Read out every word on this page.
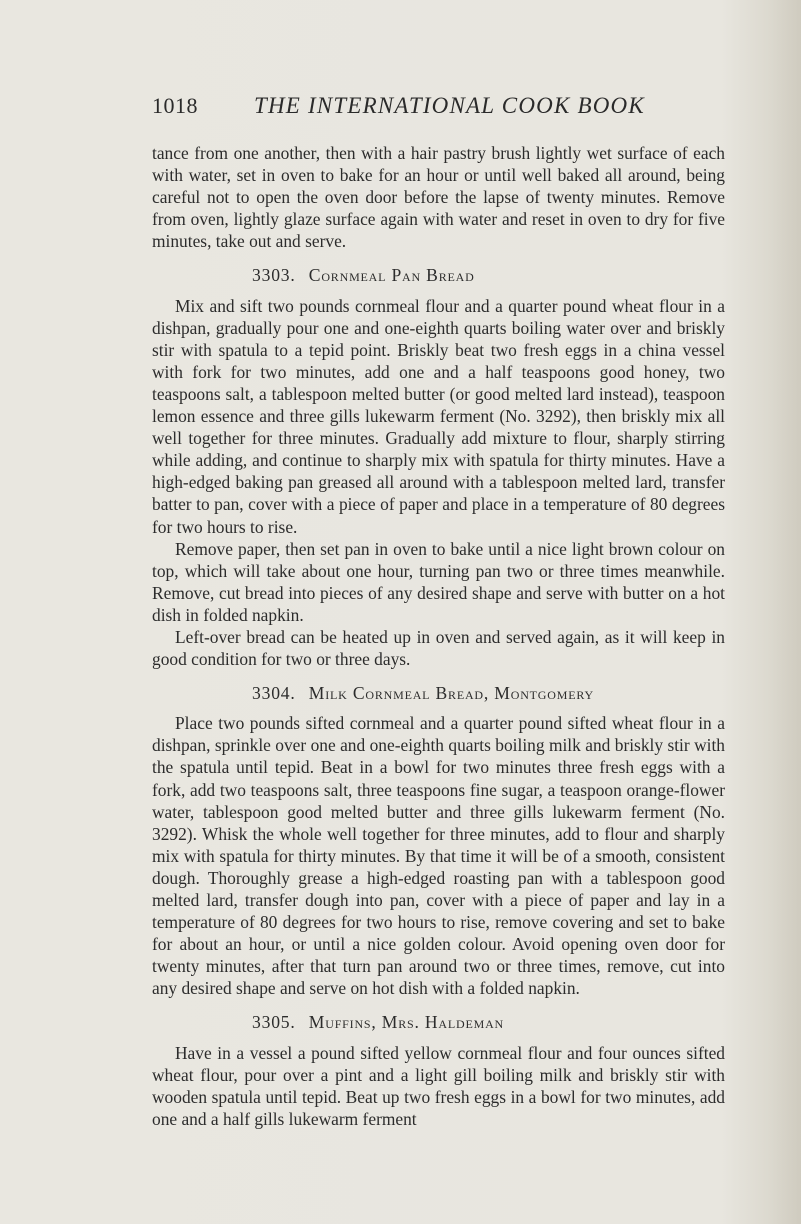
1018 THE INTERNATIONAL COOK BOOK

tance from one another, then with a hair pastry brush lightly wet surface of each with water, set in oven to bake for an hour or until well baked all around, being careful not to open the oven door before the lapse of twenty minutes. Remove from oven, lightly glaze surface again with water and reset in oven to dry for five minutes, take out and serve.

3303. Cornmeal Pan Bread

Mix and sift two pounds cornmeal flour and a quarter pound wheat flour in a dishpan, gradually pour one and one-eighth quarts boiling water over and briskly stir with spatula to a tepid point. Briskly beat two fresh eggs in a china vessel with fork for two minutes, add one and a half teaspoons good honey, two teaspoons salt, a tablespoon melted butter (or good melted lard instead), teaspoon lemon essence and three gills lukewarm ferment (No. 3292), then briskly mix all well together for three minutes. Gradually add mixture to flour, sharply stirring while adding, and continue to sharply mix with spatula for thirty minutes. Have a high-edged baking pan greased all around with a tablespoon melted lard, transfer batter to pan, cover with a piece of paper and place in a temperature of 80 degrees for two hours to rise.

Remove paper, then set pan in oven to bake until a nice light brown colour on top, which will take about one hour, turning pan two or three times meanwhile. Remove, cut bread into pieces of any desired shape and serve with butter on a hot dish in folded napkin.

Left-over bread can be heated up in oven and served again, as it will keep in good condition for two or three days.

3304. Milk Cornmeal Bread, Montgomery

Place two pounds sifted cornmeal and a quarter pound sifted wheat flour in a dishpan, sprinkle over one and one-eighth quarts boiling milk and briskly stir with the spatula until tepid. Beat in a bowl for two minutes three fresh eggs with a fork, add two teaspoons salt, three teaspoons fine sugar, a teaspoon orange-flower water, tablespoon good melted butter and three gills lukewarm ferment (No. 3292). Whisk the whole well together for three minutes, add to flour and sharply mix with spatula for thirty minutes. By that time it will be of a smooth, consistent dough. Thoroughly grease a high-edged roasting pan with a tablespoon good melted lard, transfer dough into pan, cover with a piece of paper and lay in a temperature of 80 degrees for two hours to rise, remove covering and set to bake for about an hour, or until a nice golden colour. Avoid opening oven door for twenty minutes, after that turn pan around two or three times, remove, cut into any desired shape and serve on hot dish with a folded napkin.

3305. Muffins, Mrs. Haldeman

Have in a vessel a pound sifted yellow cornmeal flour and four ounces sifted wheat flour, pour over a pint and a light gill boiling milk and briskly stir with wooden spatula until tepid. Beat up two fresh eggs in a bowl for two minutes, add one and a half gills lukewarm ferment
